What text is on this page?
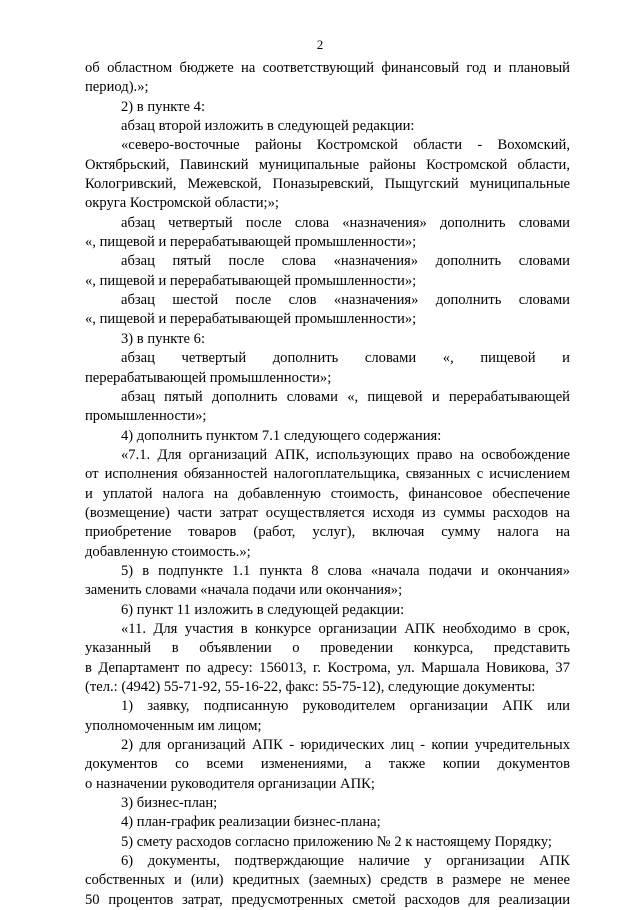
2
об областном бюджете на соответствующий финансовый год и плановый
период).»;
2) в пункте 4:
абзац второй изложить в следующей редакции:
«северо-восточные районы Костромской области - Вохомский,
Октябрьский, Павинский муниципальные районы Костромской области,
Кологривский, Межевской, Поназыревский, Пыщугский муниципальные
округа Костромской области;»;
абзац четвертый после слова «назначения» дополнить словами
«, пищевой и перерабатывающей промышленности»;
абзац пятый после слова «назначения» дополнить словами
«, пищевой и перерабатывающей промышленности»;
абзац шестой после слов «назначения» дополнить словами
«, пищевой и перерабатывающей промышленности»;
3) в пункте 6:
абзац четвертый дополнить словами «, пищевой и
перерабатывающей промышленности»;
абзац пятый дополнить словами «, пищевой и перерабатывающей
промышленности»;
4) дополнить пунктом 7.1 следующего содержания:
«7.1. Для организаций АПК, использующих право на освобождение
от исполнения обязанностей налогоплательщика, связанных с исчислением
и уплатой налога на добавленную стоимость, финансовое обеспечение
(возмещение) части затрат осуществляется исходя из суммы расходов на
приобретение товаров (работ, услуг), включая сумму налога на
добавленную стоимость.»;
5) в подпункте 1.1 пункта 8 слова «начала подачи и окончания»
заменить словами «начала подачи или окончания»;
6) пункт 11 изложить в следующей редакции:
«11. Для участия в конкурсе организации АПК необходимо в срок,
указанный в объявлении о проведении конкурса, представить
в Департамент по адресу: 156013, г. Кострома, ул. Маршала Новикова, 37
(тел.: (4942) 55-71-92, 55-16-22, факс: 55-75-12), следующие документы:
1) заявку, подписанную руководителем организации АПК или
уполномоченным им лицом;
2) для организаций АПК - юридических лиц - копии учредительных
документов со всеми изменениями, а также копии документов
о назначении руководителя организации АПК;
3) бизнес-план;
4) план-график реализации бизнес-плана;
5) смету расходов согласно приложению № 2 к настоящему Порядку;
6) документы, подтверждающие наличие у организации АПК
собственных и (или) кредитных (заемных) средств в размере не менее
50 процентов затрат, предусмотренных сметой расходов для реализации
